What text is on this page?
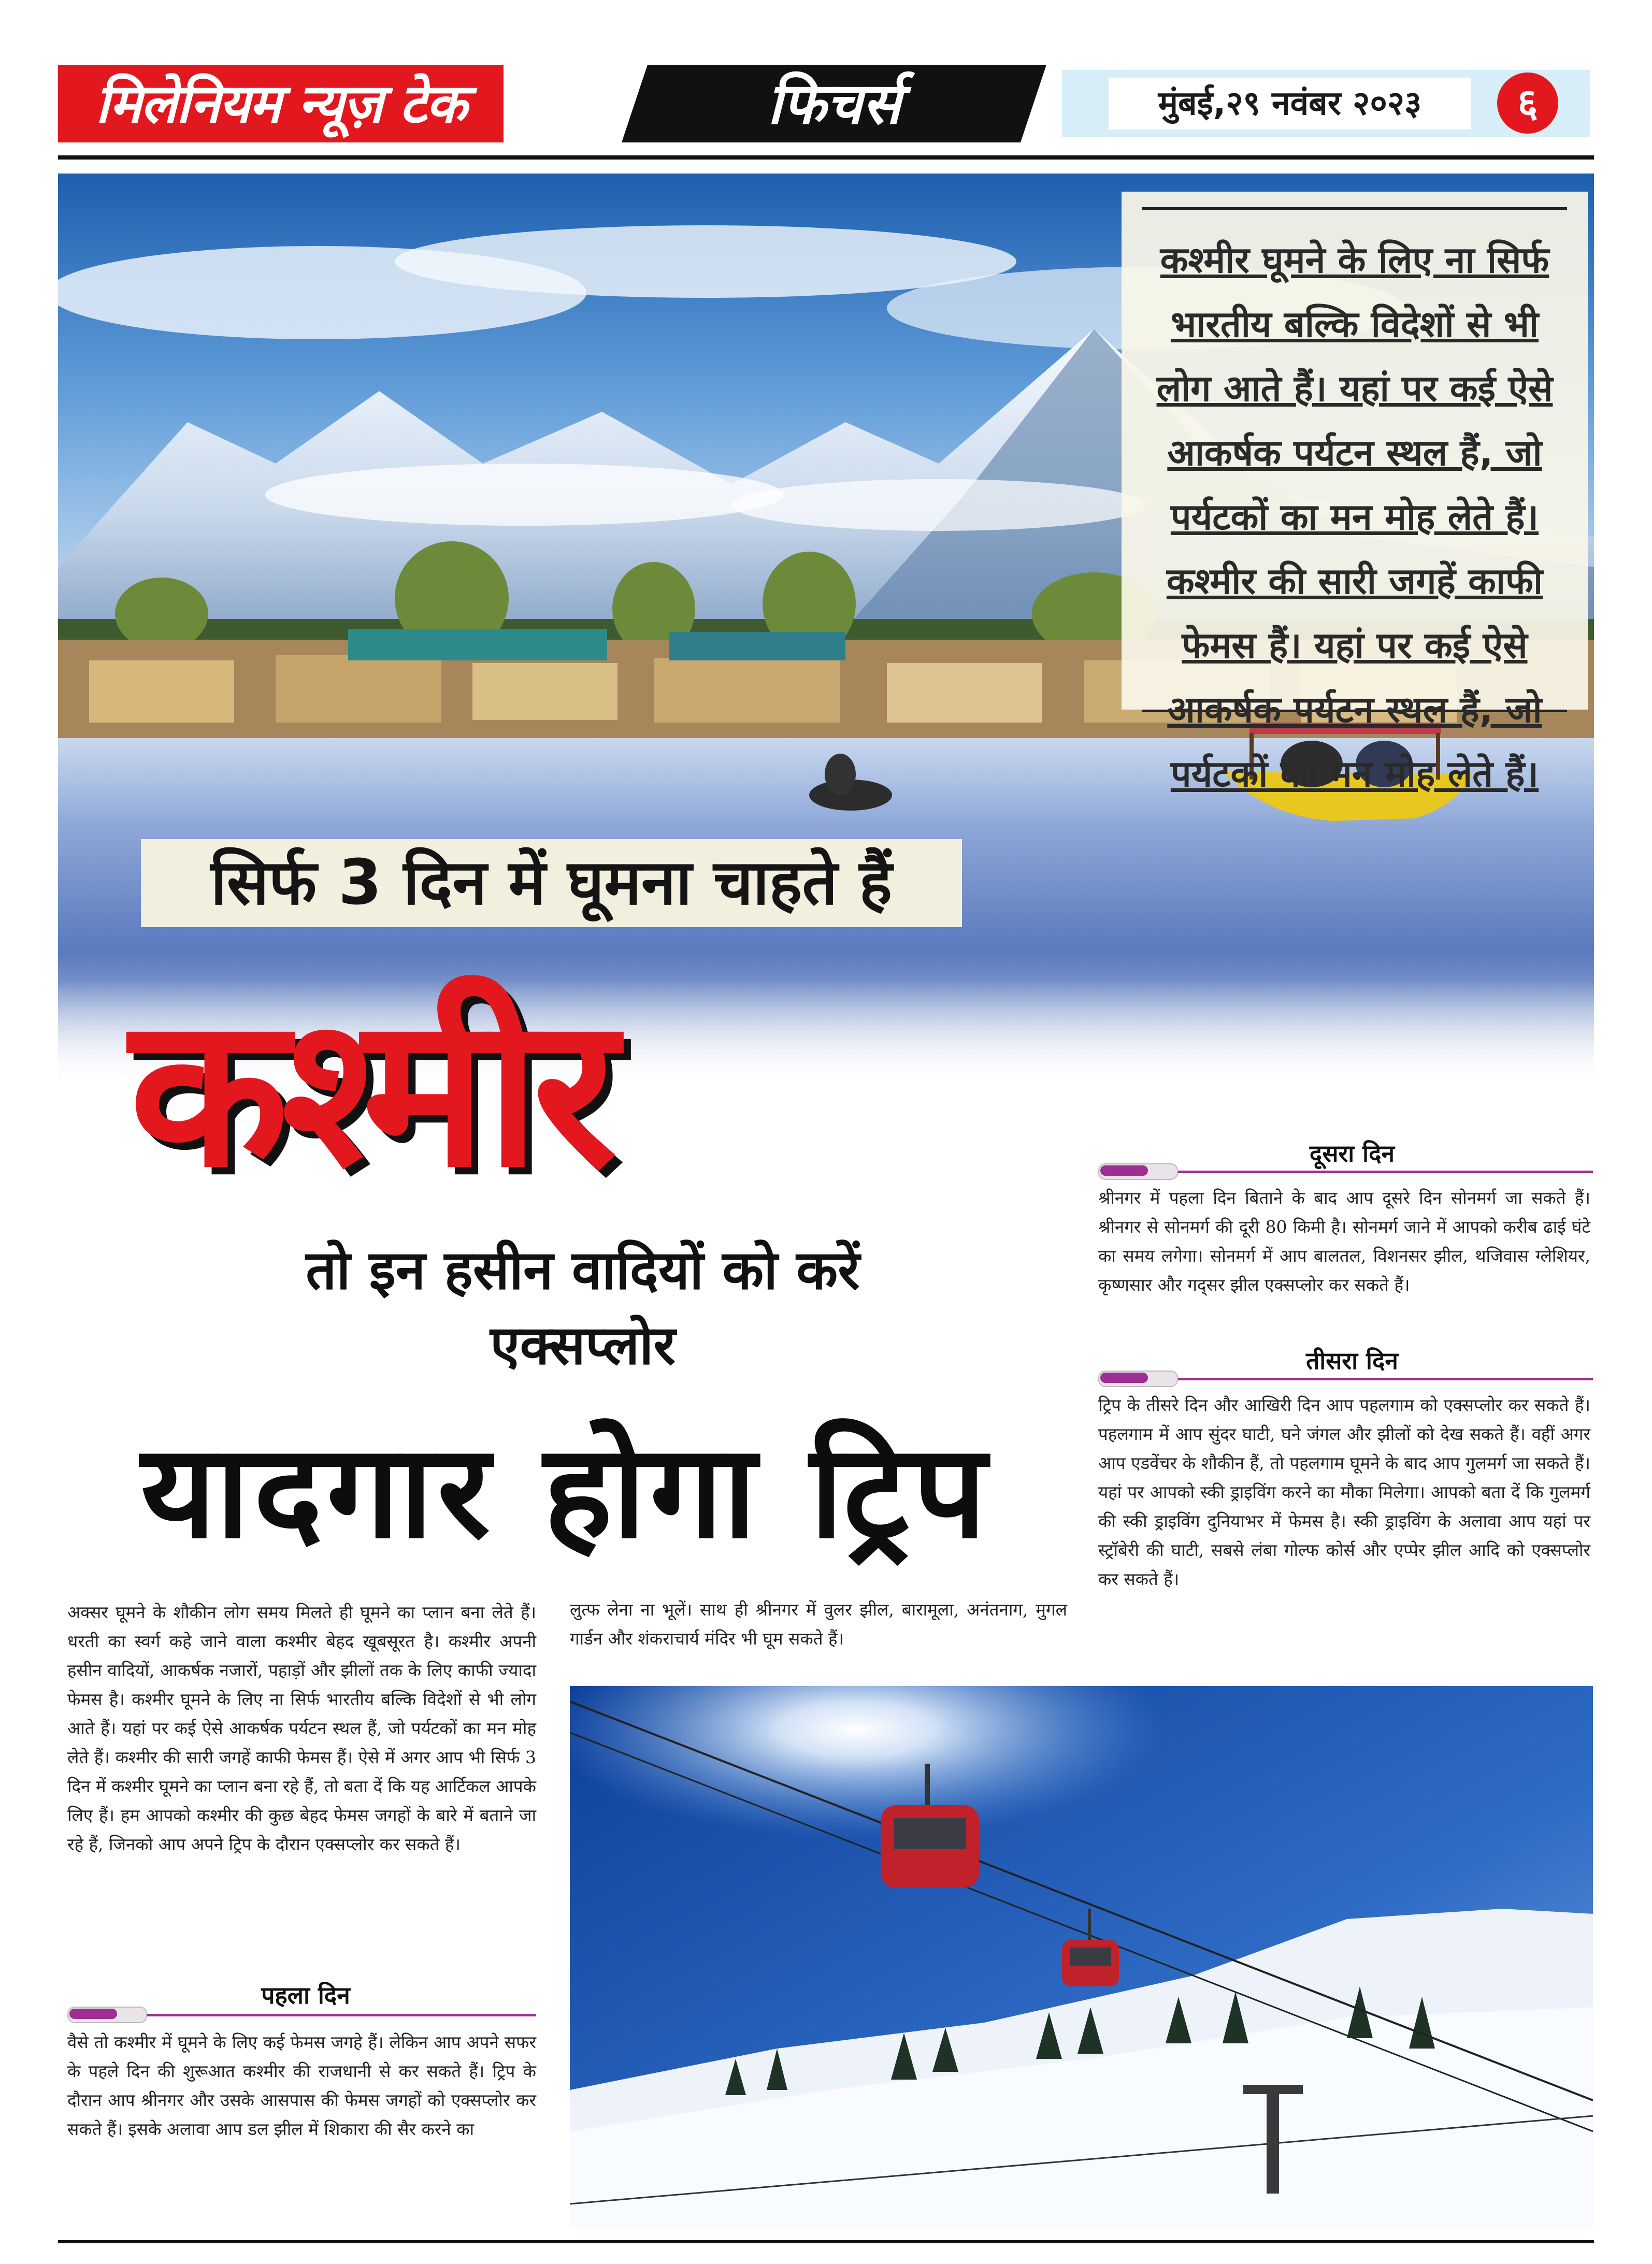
मिलेनियम न्यूज़ टेक	फिचर्स	मुंबई,२९ नवंबर २०२३	६
कश्मीर घूमने के लिए ना सिर्फ भारतीय बल्कि विदेशों से भी लोग आते हैं। यहां पर कई ऐसे आकर्षक पर्यटन स्थल हैं, जो पर्यटकों का मन मोह लेते हैं। कश्मीर की सारी जगहें काफी फेमस हैं। यहां पर कई ऐसे आकर्षक पर्यटन स्थल हैं, जो पर्यटकों का मन मोह लेते हैं।
सिर्फ 3 दिन में घूमना चाहते हैं
कश्मीर
तो इन हसीन वादियों को करें
एक्सप्लोर
यादगार होगा ट्रिप
दूसरा दिन
श्रीनगर में पहला दिन बिताने के बाद आप दूसरे दिन सोनमर्ग जा सकते हैं। श्रीनगर से सोनमर्ग की दूरी 80 किमी है। सोनमर्ग जाने में आपको करीब ढाई घंटे का समय लगेगा। सोनमर्ग में आप बालतल, विशनसर झील, थजिवास ग्लेशियर, कृष्णसार और गद्सर झील एक्सप्लोर कर सकते हैं।
तीसरा दिन
ट्रिप के तीसरे दिन और आखिरी दिन आप पहलगाम को एक्सप्लोर कर सकते हैं। पहलगाम में आप सुंदर घाटी, घने जंगल और झीलों को देख सकते हैं। वहीं अगर आप एडवेंचर के शौकीन हैं, तो पहलगाम घूमने के बाद आप गुलमर्ग जा सकते हैं। यहां पर आपको स्की ड्राइविंग करने का मौका मिलेगा। आपको बता दें कि गुलमर्ग की स्की ड्राइविंग दुनियाभर में फेमस है। स्की ड्राइविंग के अलावा आप यहां पर स्ट्रॉबेरी की घाटी, सबसे लंबा गोल्फ कोर्स और एप्पेर झील आदि को एक्सप्लोर कर सकते हैं।
अक्सर घूमने के शौकीन लोग समय मिलते ही घूमने का प्लान बना लेते हैं। धरती का स्वर्ग कहे जाने वाला कश्मीर बेहद खूबसूरत है। कश्मीर अपनी हसीन वादियों, आकर्षक नजारों, पहाड़ों और झीलों तक के लिए काफी ज्यादा फेमस है। कश्मीर घूमने के लिए ना सिर्फ भारतीय बल्कि विदेशों से भी लोग आते हैं। यहां पर कई ऐसे आकर्षक पर्यटन स्थल हैं, जो पर्यटकों का मन मोह लेते हैं। कश्मीर की सारी जगहें काफी फेमस हैं। ऐसे में अगर आप भी सिर्फ 3 दिन में कश्मीर घूमने का प्लान बना रहे हैं, तो बता दें कि यह आर्टिकल आपके लिए हैं। हम आपको कश्मीर की कुछ बेहद फेमस जगहों के बारे में बताने जा रहे हैं, जिनको आप अपने ट्रिप के दौरान एक्सप्लोर कर सकते हैं।
पहला दिन
वैसे तो कश्मीर में घूमने के लिए कई फेमस जगहे हैं। लेकिन आप अपने सफर के पहले दिन की शुरूआत कश्मीर की राजधानी से कर सकते हैं। ट्रिप के दौरान आप श्रीनगर और उसके आसपास की फेमस जगहों को एक्सप्लोर कर सकते हैं। इसके अलावा आप डल झील में शिकारा की सैर करने का
लुत्फ लेना ना भूलें। साथ ही श्रीनगर में वुलर झील, बारामूला, अनंतनाग, मुगल गार्डन और शंकराचार्य मंदिर भी घूम सकते हैं।
